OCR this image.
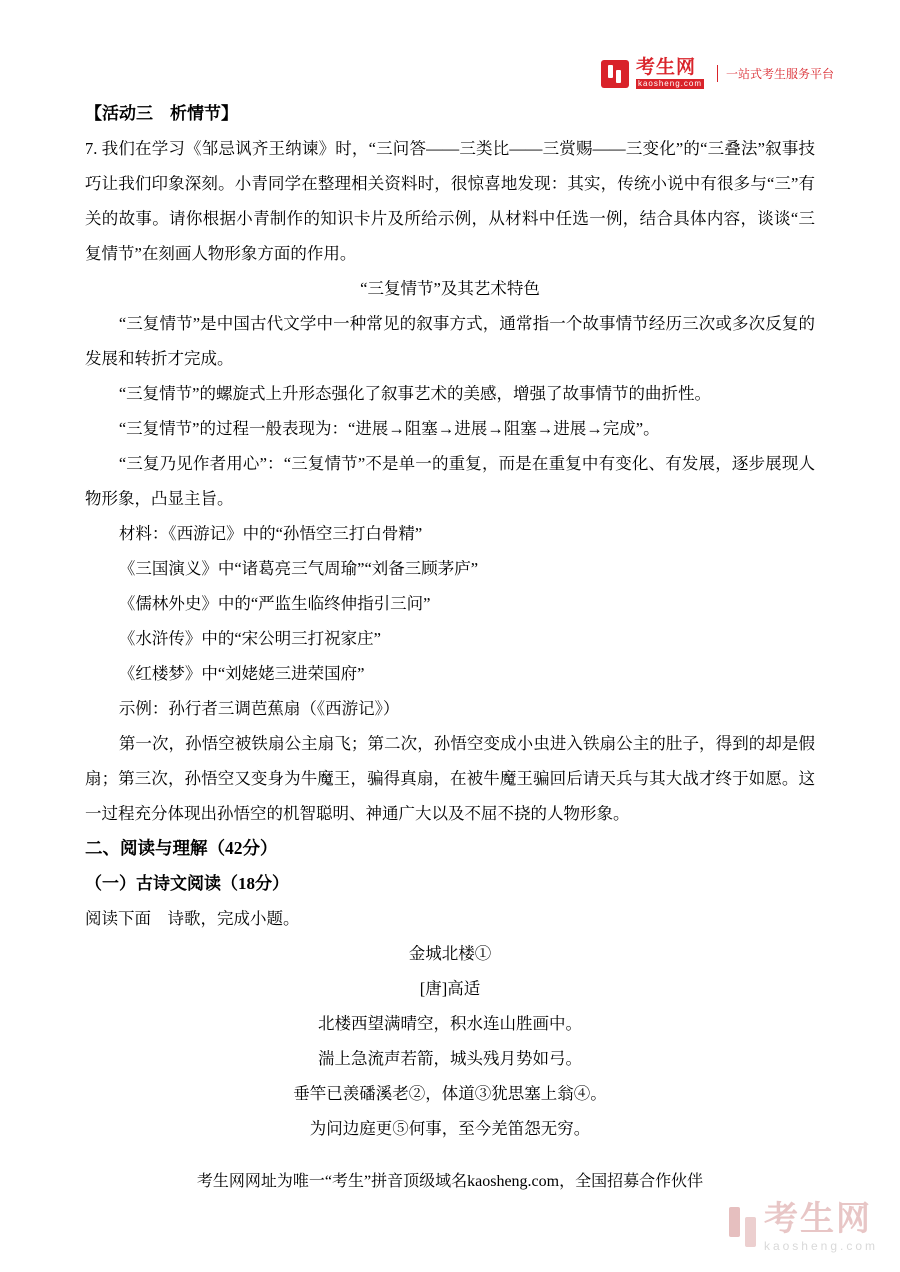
考生网
kaosheng.com
一站式考生服务平台
【活动三　析情节】
7. 我们在学习《邹忌讽齐王纳谏》时，“三问答——三类比——三赏赐——三变化”的“三叠法”叙事技巧让我们印象深刻。小青同学在整理相关资料时，很惊喜地发现：其实，传统小说中有很多与“三”有关的故事。请你根据小青制作的知识卡片及所给示例，从材料中任选一例，结合具体内容，谈谈“三复情节”在刻画人物形象方面的作用。
“三复情节”及其艺术特色
“三复情节”是中国古代文学中一种常见的叙事方式，通常指一个故事情节经历三次或多次反复的发展和转折才完成。
“三复情节”的螺旋式上升形态强化了叙事艺术的美感，增强了故事情节的曲折性。
“三复情节”的过程一般表现为：“进展→阻塞→进展→阻塞→进展→完成”。
“三复乃见作者用心”：“三复情节”不是单一的重复，而是在重复中有变化、有发展，逐步展现人物形象，凸显主旨。
材料：《西游记》中的“孙悟空三打白骨精”
《三国演义》中“诸葛亮三气周瑜”“刘备三顾茅庐”
《儒林外史》中的“严监生临终伸指引三问”
《水浒传》中的“宋公明三打祝家庄”
《红楼梦》中“刘姥姥三进荣国府”
示例：孙行者三调芭蕉扇（《西游记》）
第一次，孙悟空被铁扇公主扇飞；第二次，孙悟空变成小虫进入铁扇公主的肚子，得到的却是假扇；第三次，孙悟空又变身为牛魔王，骗得真扇，在被牛魔王骗回后请天兵与其大战才终于如愿。这一过程充分体现出孙悟空的机智聪明、神通广大以及不屈不挠的人物形象。
二、阅读与理解（42分）
（一）古诗文阅读（18分）
阅读下面　诗歌，完成小题。
金城北楼①
[唐]高适
北楼西望满晴空，积水连山胜画中。
湍上急流声若箭，城头残月势如弓。
垂竿已羡磻溪老②，体道③犹思塞上翁④。
为问边庭更⑤何事，至今羌笛怨无穷。
考生网网址为唯一“考生”拼音顶级域名kaosheng.com，全国招募合作伙伴
考生网
kaosheng.com
